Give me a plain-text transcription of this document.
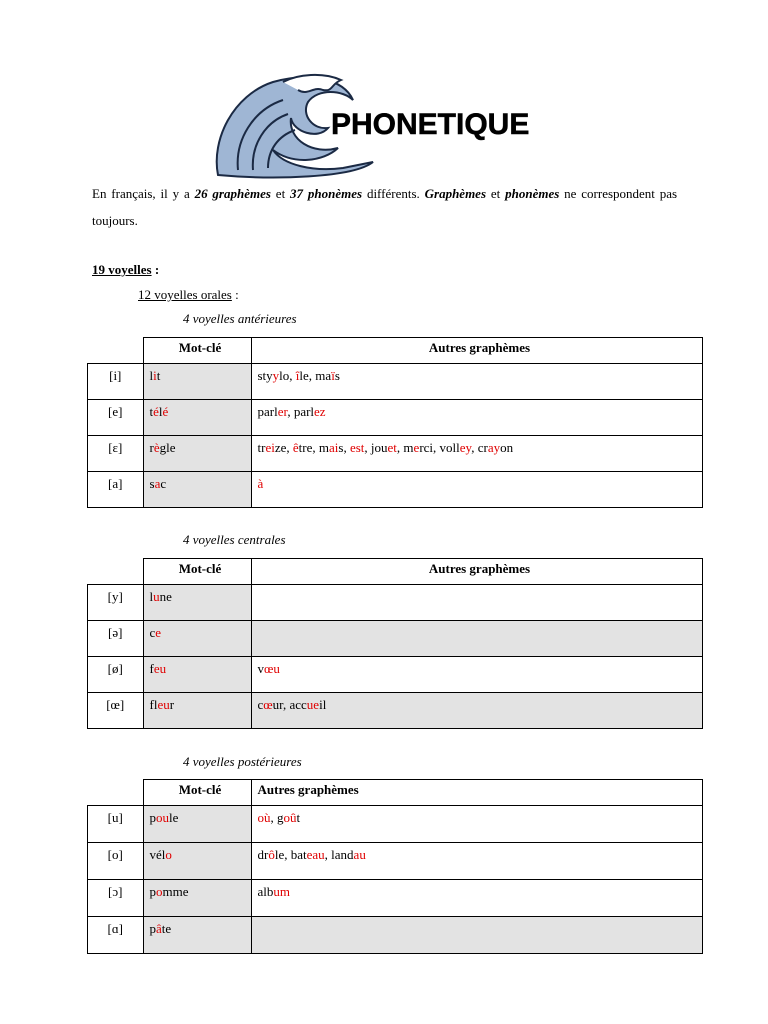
PHONETIQUE
En français, il y a 26 graphèmes et 37 phonèmes différents. Graphèmes et phonèmes ne correspondent pas toujours.
19 voyelles :
12 voyelles orales :
4 voyelles antérieures
4 voyelles centrales
4 voyelles postérieures
	Mot-clé	Autres graphèmes
[i]	lit	styylo, île, maïs
[e]	télé	parler, parlez
[ɛ]	règle	treize, être, mais, est, jouet, merci, volley, crayon
[a]	sac	à
	Mot-clé	Autres graphèmes
[y]	lune	
[ə]	ce	
[ø]	feu	vœu
[œ]	fleur	cœur, accueil
	Mot-clé	Autres graphèmes
[u]	poule	où, goût
[o]	vélo	drôle, bateau, landau
[ɔ]	pomme	album
[ɑ]	pâte	
